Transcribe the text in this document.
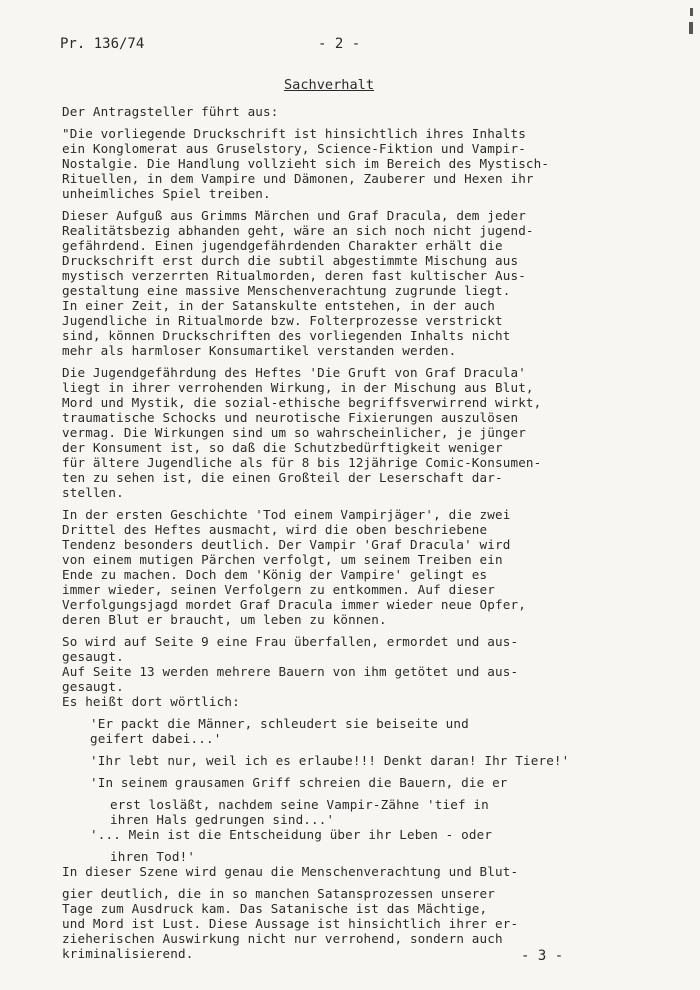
Pr. 136/74	- 2 -
Sachverhalt
Der Antragsteller führt aus:
"Die vorliegende Druckschrift ist hinsichtlich ihres Inhalts
ein Konglomerat aus Gruselstory, Science-Fiktion und Vampir-
Nostalgie. Die Handlung vollzieht sich im Bereich des Mystisch-
Rituellen, in dem Vampire und Dämonen, Zauberer und Hexen ihr
unheimliches Spiel treiben.
Dieser Aufguß aus Grimms Märchen und Graf Dracula, dem jeder
Realitätsbezig abhanden geht, wäre an sich noch nicht jugend-
gefährdend. Einen jugendgefährdenden Charakter erhält die
Druckschrift erst durch die subtil abgestimmte Mischung aus
mystisch verzerrten Ritualmorden, deren fast kultischer Aus-
gestaltung eine massive Menschenverachtung zugrunde liegt.
In einer Zeit, in der Satanskulte entstehen, in der auch
Jugendliche in Ritualmorde bzw. Folterprozesse verstrickt
sind, können Druckschriften des vorliegenden Inhalts nicht
mehr als harmloser Konsumartikel verstanden werden.
Die Jugendgefährdung des Heftes 'Die Gruft von Graf Dracula'
liegt in ihrer verrohenden Wirkung, in der Mischung aus Blut,
Mord und Mystik, die sozial-ethische begriffsverwirrend wirkt,
traumatische Schocks und neurotische Fixierungen auszulösen
vermag. Die Wirkungen sind um so wahrscheinlicher, je jünger
der Konsument ist, so daß die Schutzbedürftigkeit weniger
für ältere Jugendliche als für 8 bis 12jährige Comic-Konsumen-
ten zu sehen ist, die einen Großteil der Leserschaft dar-
stellen.
In der ersten Geschichte 'Tod einem Vampirjäger', die zwei
Drittel des Heftes ausmacht, wird die oben beschriebene
Tendenz besonders deutlich. Der Vampir 'Graf Dracula' wird
von einem mutigen Pärchen verfolgt, um seinem Treiben ein
Ende zu machen. Doch dem 'König der Vampire' gelingt es
immer wieder, seinen Verfolgern zu entkommen. Auf dieser
Verfolgungsjagd mordet Graf Dracula immer wieder neue Opfer,
deren Blut er braucht, um leben zu können.
So wird auf Seite 9 eine Frau überfallen, ermordet und aus-
gesaugt.
Auf Seite 13 werden mehrere Bauern von ihm getötet und aus-
gesaugt.
Es heißt dort wörtlich:
'Er packt die Männer, schleudert sie beiseite und
geifert dabei...'
'Ihr lebt nur, weil ich es erlaube!!! Denkt daran! Ihr Tiere!'
'In seinem grausamen Griff schreien die Bauern, die er
erst losläßt, nachdem seine Vampir-Zähne 'tief in
ihren Hals gedrungen sind...'
'... Mein ist die Entscheidung über ihr Leben - oder
ihren Tod!'
In dieser Szene wird genau die Menschenverachtung und Blut-
gier deutlich, die in so manchen Satansprozessen unserer
Tage zum Ausdruck kam. Das Satanische ist das Mächtige,
und Mord ist Lust. Diese Aussage ist hinsichtlich ihrer er-
zieherischen Auswirkung nicht nur verrohend, sondern auch
kriminalisierend.	- 3 -
